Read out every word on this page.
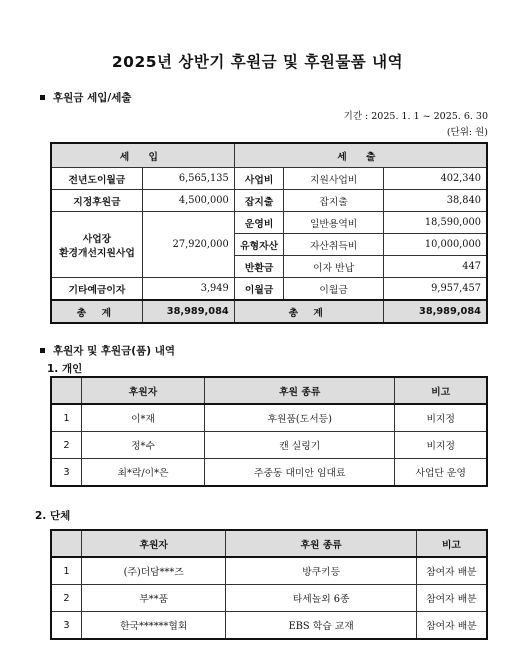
2025년 상반기 후원금 및 후원물품 내역
후원금 세입/세출
기간 : 2025. 1. 1 ~ 2025. 6. 30
(단위: 원)
세 입		세 출		
전년도이월금	6,565,135	사업비	지원사업비	402,340
지정후원금	4,500,000	잡지출	잡지출	38,840
사업장
환경개선지원사업	27,920,000	운영비	일반용역비	18,590,000
		유형자산	자산취득비	10,000,000
		반환금	이자 반납	447
기타예금이자	3,949	이월금	이월금	9,957,457
총 계	38,989,084	총 계		38,989,084
후원자 및 후원금(품) 내역
1. 개인
	후원자	후원 종류	비고
1	이*재	후원품(도서등)	비지정
2	정*수	캔 실링기	비지정
3	최*락/이*은	주중동 대미안 임대료	사업단 운영
2. 단체
	후원자	후원 종류	비고
1	(주)더담***즈	방쿠키등	참여자 배분
2	부**품	타세놀외 6종	참여자 배분
3	한국******협회	EBS 학습 교재	참여자 배분
